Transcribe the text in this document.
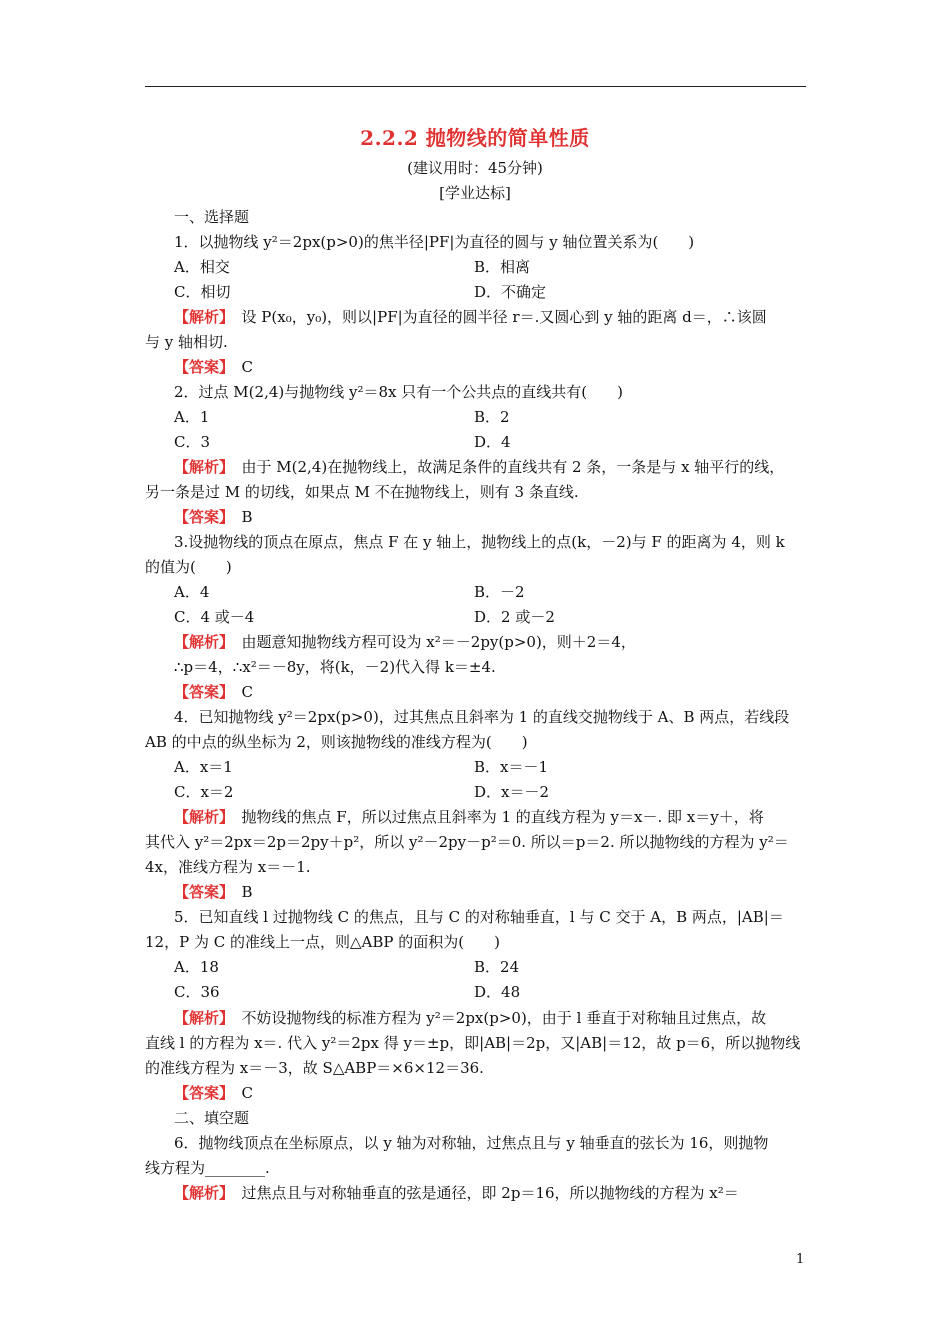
2.2.2 抛物线的简单性质
(建议用时：45分钟)
[学业达标]
一、选择题
1．以抛物线 y²＝2px(p>0)的焦半径|PF|为直径的圆与 y 轴位置关系为(　　)
A．相交	B．相离
C．相切	D．不确定
【解析】　 设 P(x₀，y₀)，则以|PF|为直径的圆半径 r＝.又圆心到 y 轴的距离 d＝，∴该圆
与 y 轴相切.
【答案】　 C
2．过点 M(2,4)与抛物线 y²＝8x 只有一个公共点的直线共有(　　)
A．1	B．2
C．3	D．4
【解析】　 由于 M(2,4)在抛物线上，故满足条件的直线共有 2 条，一条是与 x 轴平行的线，
另一条是过 M 的切线，如果点 M 不在抛物线上，则有 3 条直线.
【答案】　 B
3.设抛物线的顶点在原点，焦点 F 在 y 轴上，抛物线上的点(k，－2)与 F 的距离为 4，则 k
的值为(　　)
A．4	B．－2
C．4 或－4	D．2 或－2
【解析】　 由题意知抛物线方程可设为 x²＝－2py(p>0)，则＋2＝4，
∴p＝4，∴x²＝－8y，将(k，－2)代入得 k＝±4.
【答案】　 C
4．已知抛物线 y²＝2px(p>0)，过其焦点且斜率为 1 的直线交抛物线于 A、B 两点，若线段
AB 的中点的纵坐标为 2，则该抛物线的准线方程为(　　)
A．x＝1	B．x＝－1
C．x＝2	D．x＝－2
【解析】　 抛物线的焦点 F，所以过焦点且斜率为 1 的直线方程为 y＝x－. 即 x＝y＋，将
其代入 y²＝2px＝2p＝2py＋p²，所以 y²－2py－p²＝0. 所以＝p＝2. 所以抛物线的方程为 y²＝
4x，准线方程为 x＝－1.
【答案】　 B
5．已知直线 l 过抛物线 C 的焦点，且与 C 的对称轴垂直，l 与 C 交于 A，B 两点，|AB|＝
12，P 为 C 的准线上一点，则△ABP 的面积为(　　)
A．18	B．24
C．36	D．48
【解析】　 不妨设抛物线的标准方程为 y²＝2px(p>0)，由于 l 垂直于对称轴且过焦点，故
直线 l 的方程为 x＝. 代入 y²＝2px 得 y＝±p，即|AB|＝2p，又|AB|＝12，故 p＝6，所以抛物线
的准线方程为 x＝－3，故 S△ABP＝×6×12＝36.
【答案】　 C
二、填空题
6．抛物线顶点在坐标原点，以 y 轴为对称轴，过焦点且与 y 轴垂直的弦长为 16，则抛物
线方程为________.
【解析】　 过焦点且与对称轴垂直的弦是通径，即 2p＝16，所以抛物线的方程为 x²＝
1
